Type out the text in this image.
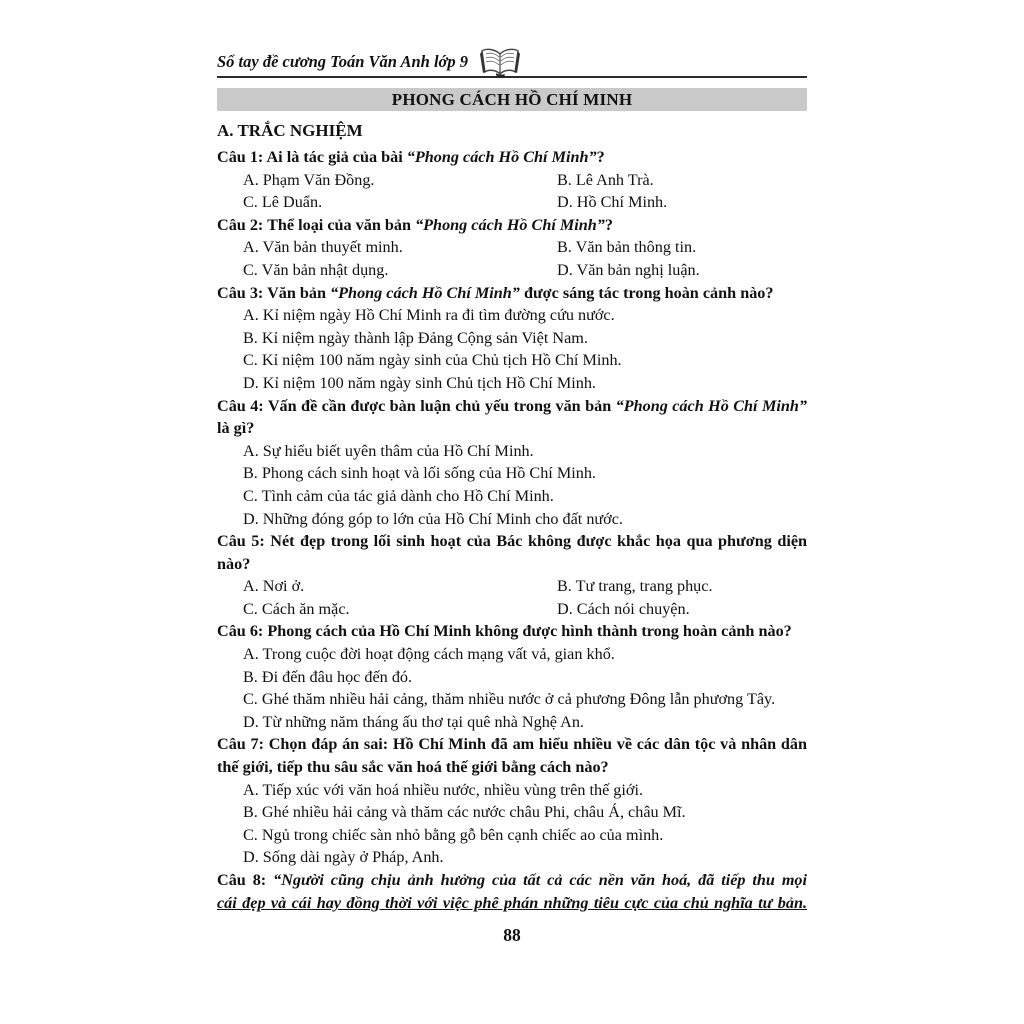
Sổ tay đề cương Toán Văn Anh lớp 9
PHONG CÁCH HỒ CHÍ MINH
A. TRẮC NGHIỆM

Câu 1: Ai là tác giả của bài “Phong cách Hồ Chí Minh”?

A. Phạm Văn Đồng.	B. Lê Anh Trà.
C. Lê Duẩn.	D. Hồ Chí Minh.

Câu 2: Thể loại của văn bản “Phong cách Hồ Chí Minh”?

A. Văn bản thuyết minh.	B. Văn bản thông tin.
C. Văn bản nhật dụng.	D. Văn bản nghị luận.

Câu 3: Văn bản “Phong cách Hồ Chí Minh” được sáng tác trong hoàn cảnh nào?

A. Kỉ niệm ngày Hồ Chí Minh ra đi tìm đường cứu nước.
B. Kỉ niệm ngày thành lập Đảng Cộng sản Việt Nam.
C. Kỉ niệm 100 năm ngày sinh của Chủ tịch Hồ Chí Minh.
D. Kỉ niệm 100 năm ngày sinh Chủ tịch Hồ Chí Minh.

Câu 4: Vấn đề cần được bàn luận chủ yếu trong văn bản “Phong cách Hồ Chí Minh” là gì?

A. Sự hiểu biết uyên thâm của Hồ Chí Minh.
B. Phong cách sinh hoạt và lối sống của Hồ Chí Minh.
C. Tình cảm của tác giả dành cho Hồ Chí Minh.
D. Những đóng góp to lớn của Hồ Chí Minh cho đất nước.

Câu 5: Nét đẹp trong lối sinh hoạt của Bác không được khắc họa qua phương diện nào?

A. Nơi ở.	B. Tư trang, trang phục.
C. Cách ăn mặc.	D. Cách nói chuyện.

Câu 6: Phong cách của Hồ Chí Minh không được hình thành trong hoàn cảnh nào?

A. Trong cuộc đời hoạt động cách mạng vất vả, gian khổ.
B. Đi đến đâu học đến đó.
C. Ghé thăm nhiều hải cảng, thăm nhiều nước ở cả phương Đông lẫn phương Tây.
D. Từ những năm tháng ấu thơ tại quê nhà Nghệ An.

Câu 7: Chọn đáp án sai: Hồ Chí Minh đã am hiểu nhiều về các dân tộc và nhân dân thế giới, tiếp thu sâu sắc văn hoá thế giới bằng cách nào?

A. Tiếp xúc với văn hoá nhiều nước, nhiều vùng trên thế giới.
B. Ghé nhiều hải cảng và thăm các nước châu Phi, châu Á, châu Mĩ.
C. Ngủ trong chiếc sàn nhỏ bằng gỗ bên cạnh chiếc ao của mình.
D. Sống dài ngày ở Pháp, Anh.

Câu 8: “Người cũng chịu ảnh hưởng của tất cả các nền văn hoá, đã tiếp thu mọi

cái đẹp và cái hay đồng thời với việc phê phán những tiêu cực của chủ nghĩa tư bản.

88
